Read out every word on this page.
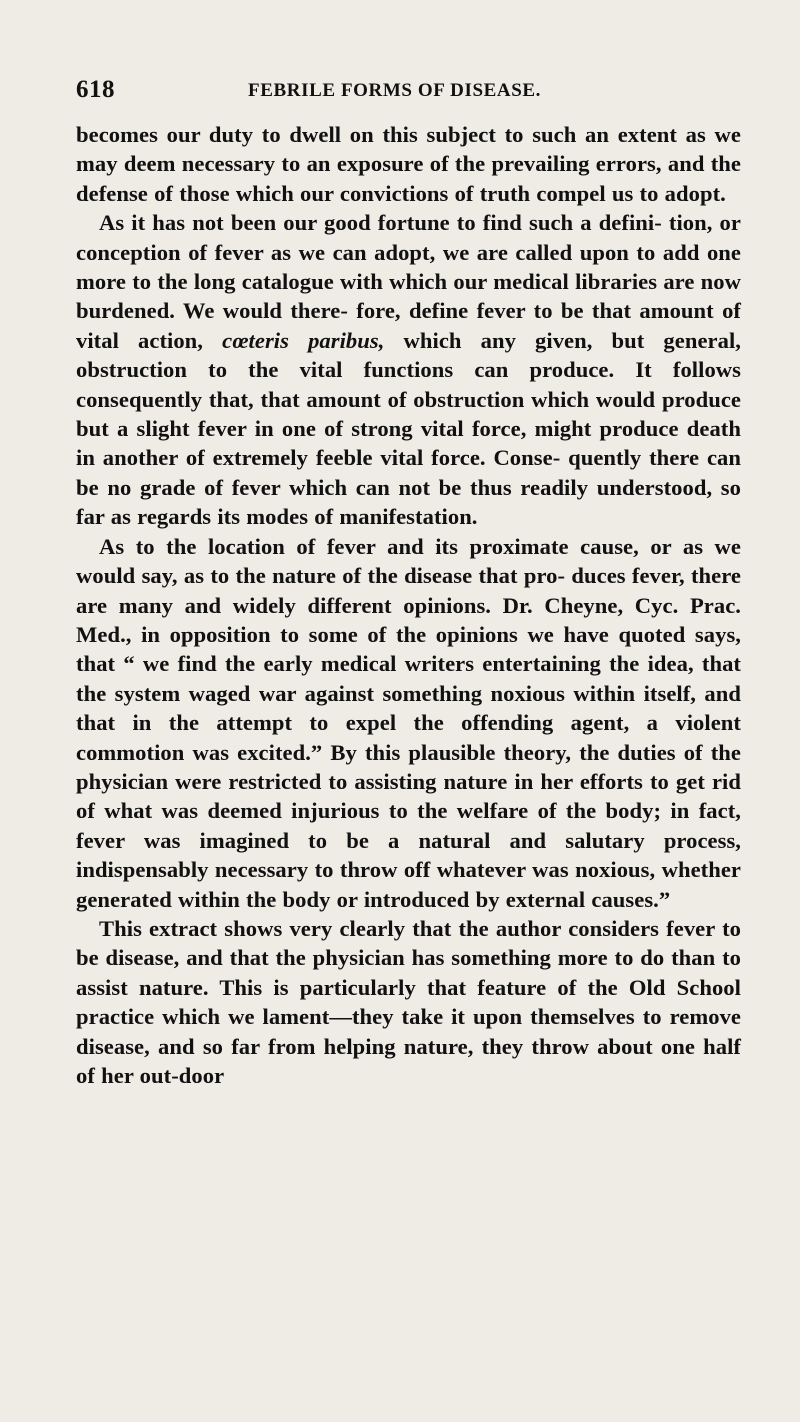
618	FEBRILE FORMS OF DISEASE.

becomes our duty to dwell on this subject to such an extent as we may deem necessary to an exposure of the prevailing errors, and the defense of those which our convictions of truth compel us to adopt.

As it has not been our good fortune to find such a defini- tion, or conception of fever as we can adopt, we are called upon to add one more to the long catalogue with which our medical libraries are now burdened. We would there- fore, define fever to be that amount of vital action, cœteris paribus, which any given, but general, obstruction to the vital functions can produce. It follows consequently that, that amount of obstruction which would produce but a slight fever in one of strong vital force, might produce death in another of extremely feeble vital force. Conse- quently there can be no grade of fever which can not be thus readily understood, so far as regards its modes of manifestation.

As to the location of fever and its proximate cause, or as we would say, as to the nature of the disease that pro- duces fever, there are many and widely different opinions. Dr. Cheyne, Cyc. Prac. Med., in opposition to some of the opinions we have quoted says, that “ we find the early medical writers entertaining the idea, that the system waged war against something noxious within itself, and that in the attempt to expel the offending agent, a violent commotion was excited.” By this plausible theory, the duties of the physician were restricted to assisting nature in her efforts to get rid of what was deemed injurious to the welfare of the body; in fact, fever was imagined to be a natural and salutary process, indispensably necessary to throw off whatever was noxious, whether generated within the body or introduced by external causes.”

This extract shows very clearly that the author considers fever to be disease, and that the physician has something more to do than to assist nature. This is particularly that feature of the Old School practice which we lament—they take it upon themselves to remove disease, and so far from helping nature, they throw about one half of her out-door
